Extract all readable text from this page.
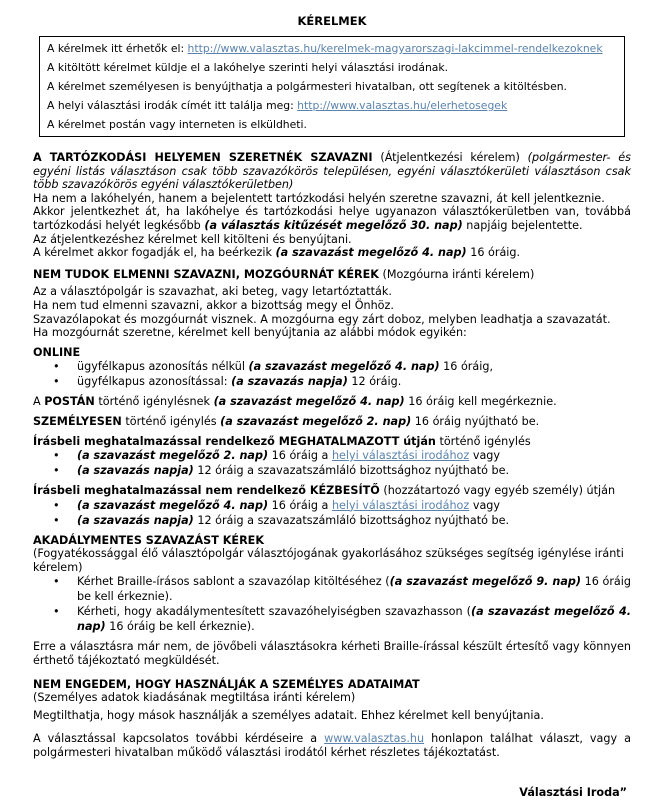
KÉRELMEK

A kérelmek itt érhetők el: http://www.valasztas.hu/kerelmek-magyarorszagi-lakcimmel-rendelkezoknek

A kitöltött kérelmet küldje el a lakóhelye szerinti helyi választási irodának.

A kérelmet személyesen is benyújthatja a polgármesteri hivatalban, ott segítenek a kitöltésben.

A helyi választási irodák címét itt találja meg: http://www.valasztas.hu/elerhetosegek

A kérelmet postán vagy interneten is elküldheti.

A TARTÓZKODÁSI HELYEMEN SZERETNÉK SZAVAZNI (Átjelentkezési kérelem) (polgármester- és egyéni listás választáson csak több szavazókörös településen, egyéni választókerületi választáson csak több szavazókörös egyéni választókerületben)

Ha nem a lakóhelyén, hanem a bejelentett tartózkodási helyén szeretne szavazni, át kell jelentkeznie.

Akkor jelentkezhet át, ha lakóhelye és tartózkodási helye ugyanazon választókerületben van, továbbá tartózkodási helyét legkésőbb (a választás kitűzését megelőző 30. nap) napjáig bejelentette.

Az átjelentkezéshez kérelmet kell kitölteni és benyújtani.

A kérelmet akkor fogadják el, ha beérkezik (a szavazást megelőző 4. nap) 16 óráig.

NEM TUDOK ELMENNI SZAVAZNI, MOZGÓURNÁT KÉREK (Mozgóurna iránti kérelem)

Az a választópolgár is szavazhat, aki beteg, vagy letartóztatták.

Ha nem tud elmenni szavazni, akkor a bizottság megy el Önhöz.

Szavazólapokat és mozgóurnát visznek. A mozgóurna egy zárt doboz, melyben leadhatja a szavazatát.

Ha mozgóurnát szeretne, kérelmet kell benyújtania az alábbi módok egyikén:

ONLINE

• ügyfélkapus azonosítás nélkül (a szavazást megelőző 4. nap) 16 óráig,
• ügyfélkapus azonosítással: (a szavazás napja) 12 óráig.

A POSTÁN történő igénylésnek (a szavazást megelőző 4. nap) 16 óráig kell megérkeznie.

SZEMÉLYESEN történő igénylés (a szavazást megelőző 2. nap) 16 óráig nyújtható be.

Írásbeli meghatalmazással rendelkező MEGHATALMAZOTT útján történő igénylés

• (a szavazást megelőző 2. nap) 16 óráig a helyi választási irodához vagy
• (a szavazás napja) 12 óráig a szavazatszámláló bizottsághoz nyújtható be.

Írásbeli meghatalmazással nem rendelkező KÉZBESÍTŐ (hozzátartozó vagy egyéb személy) útján

• (a szavazást megelőző 4. nap) 16 óráig a helyi választási irodához vagy
• (a szavazás napja) 12 óráig a szavazatszámláló bizottsághoz nyújtható be.

AKADÁLYMENTES SZAVAZÁST KÉREK

(Fogyatékossággal élő választópolgár választójogának gyakorlásához szükséges segítség igénylése iránti kérelem)

• Kérhet Braille-írásos sablont a szavazólap kitöltéséhez ((a szavazást megelőző 9. nap) 16 óráig be kell érkeznie).
• Kérheti, hogy akadálymentesített szavazóhelyiségben szavazhasson ((a szavazást megelőző 4. nap) 16 óráig be kell érkeznie).

Erre a választásra már nem, de jövőbeli választásokra kérheti Braille-írással készült értesítő vagy könnyen érthető tájékoztató megküldését.

NEM ENGEDEM, HOGY HASZNÁLJÁK A SZEMÉLYES ADATAIMAT

(Személyes adatok kiadásának megtiltása iránti kérelem)

Megtilthatja, hogy mások használják a személyes adatait. Ehhez kérelmet kell benyújtania.

A választással kapcsolatos további kérdéseire a www.valasztas.hu honlapon találhat választ, vagy a polgármesteri hivatalban működő választási irodától kérhet részletes tájékoztatást.

Választási Iroda”
